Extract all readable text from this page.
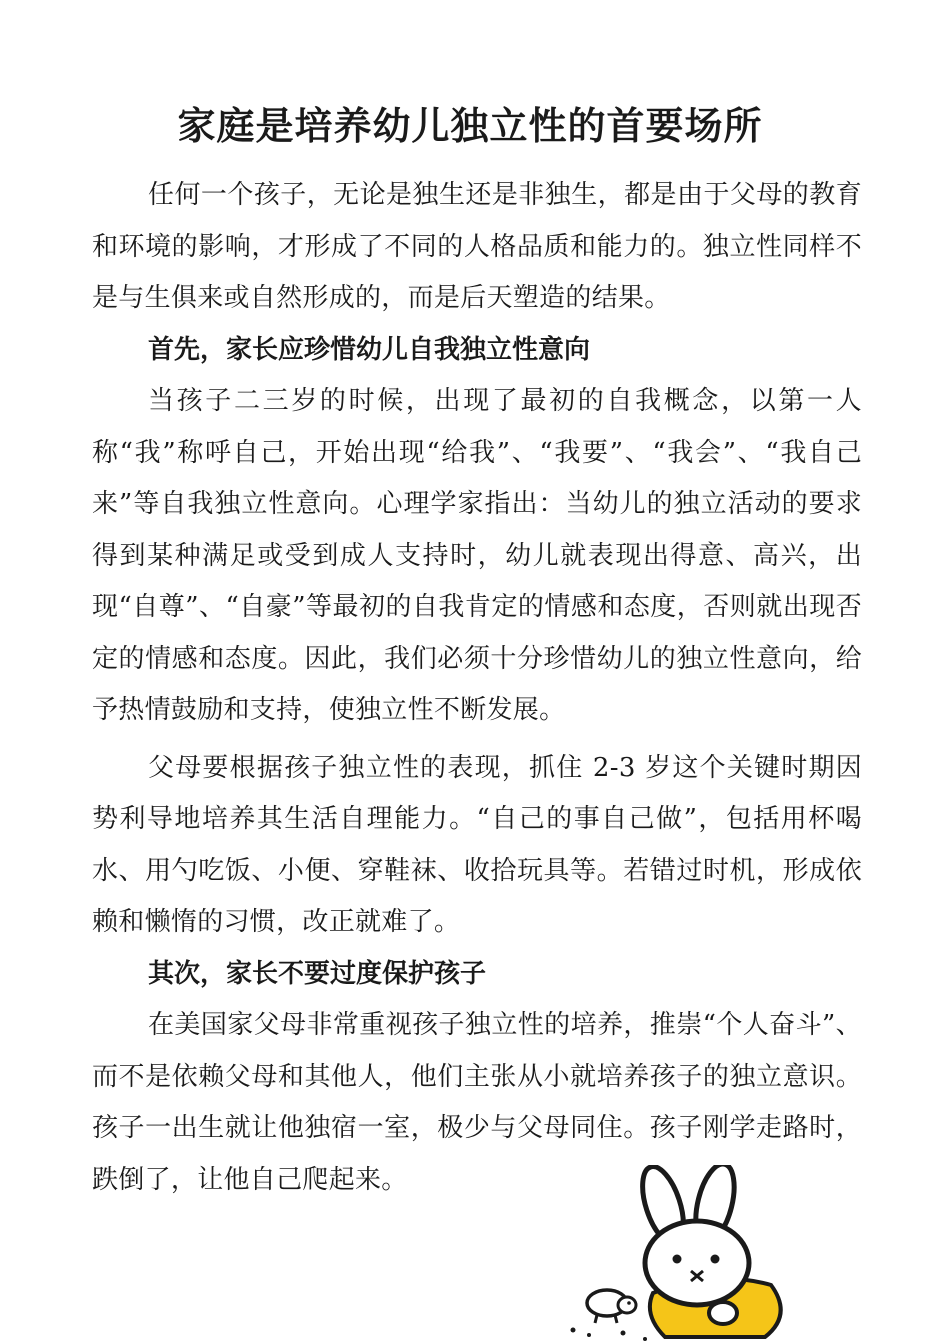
家庭是培养幼儿独立性的首要场所

任何一个孩子，无论是独生还是非独生，都是由于父母的教育和环境的影响，才形成了不同的人格品质和能力的。独立性同样不是与生俱来或自然形成的，而是后天塑造的结果。

首先，家长应珍惜幼儿自我独立性意向

当孩子二三岁的时候，出现了最初的自我概念，以第一人称“我”称呼自己，开始出现“给我”、“我要”、“我会”、“我自己来”等自我独立性意向。心理学家指出：当幼儿的独立活动的要求得到某种满足或受到成人支持时，幼儿就表现出得意、高兴，出现“自尊”、“自豪”等最初的自我肯定的情感和态度，否则就出现否定的情感和态度。因此，我们必须十分珍惜幼儿的独立性意向，给予热情鼓励和支持，使独立性不断发展。

父母要根据孩子独立性的表现，抓住 2-3 岁这个关键时期因势利导地培养其生活自理能力。“自己的事自己做”，包括用杯喝水、用勺吃饭、小便、穿鞋袜、收拾玩具等。若错过时机，形成依赖和懒惰的习惯，改正就难了。

其次，家长不要过度保护孩子

在美国家父母非常重视孩子独立性的培养，推崇“个人奋斗”、而不是依赖父母和其他人，他们主张从小就培养孩子的独立意识。孩子一出生就让他独宿一室，极少与父母同住。孩子刚学走路时，跌倒了，让他自己爬起来。
